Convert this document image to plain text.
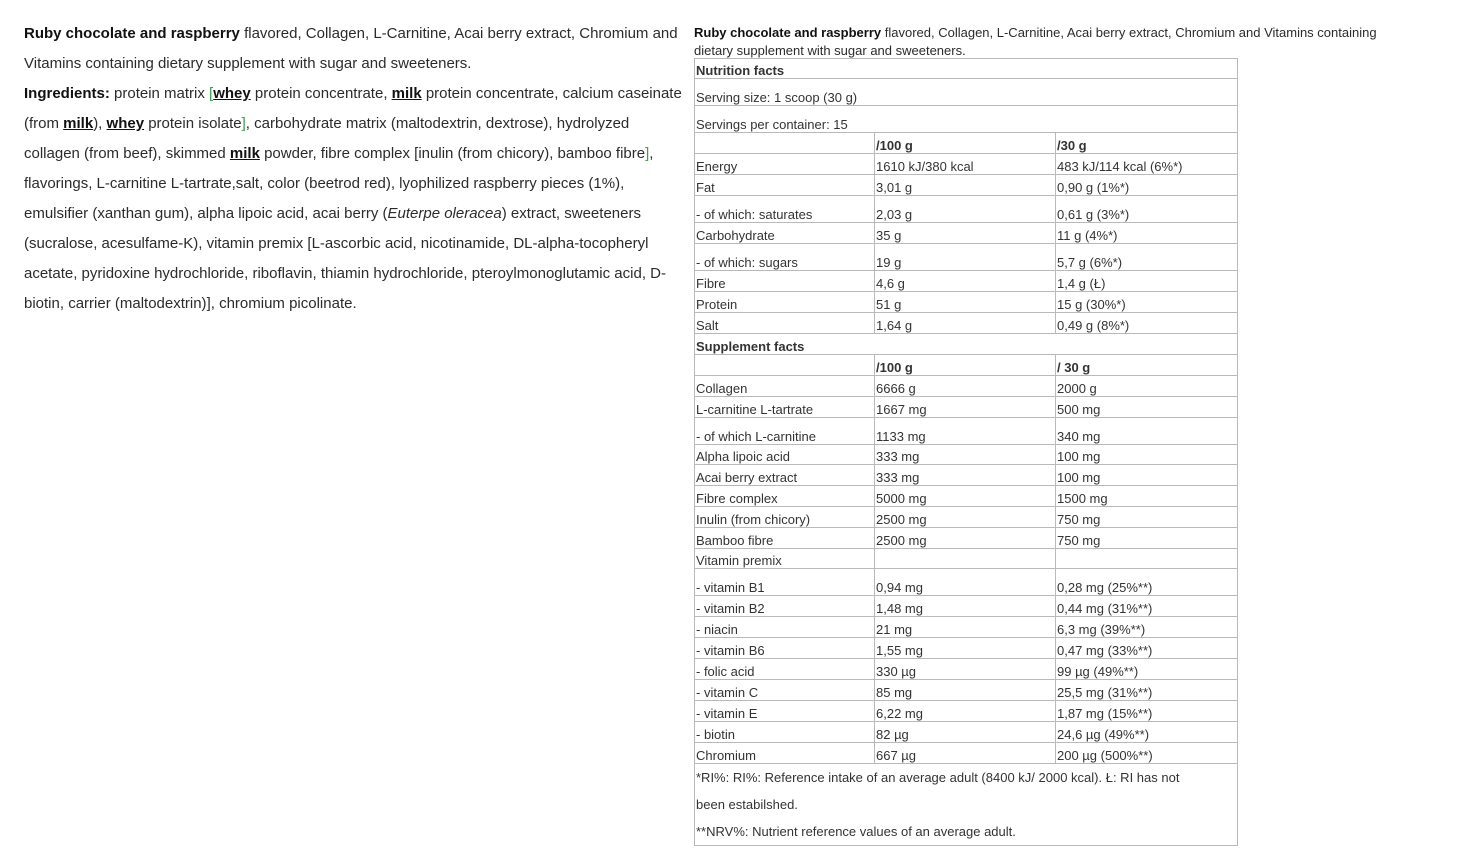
Ruby chocolate and raspberry flavored, Collagen, L-Carnitine, Acai berry extract, Chromium and Vitamins containing dietary supplement with sugar and sweeteners.

Ingredients: protein matrix [whey protein concentrate, milk protein concentrate, calcium caseinate (from milk), whey protein isolate], carbohydrate matrix (maltodextrin, dextrose), hydrolyzed collagen (from beef), skimmed milk powder, fibre complex [inulin (from chicory), bamboo fibre], flavorings, L-carnitine L-tartrate,salt, color (beetrod red), lyophilized raspberry pieces (1%), emulsifier (xanthan gum), alpha lipoic acid, acai berry (Euterpe oleracea) extract, sweeteners (sucralose, acesulfame-K), vitamin premix [L-ascorbic acid, nicotinamide, DL-alpha-tocopheryl acetate, pyridoxine hydrochloride, riboflavin, thiamin hydrochloride, pteroylmonoglutamic acid, D-biotin, carrier (maltodextrin)], chromium picolinate.

Ruby chocolate and raspberry flavored, Collagen, L-Carnitine, Acai berry extract, Chromium and Vitamins containing
dietary supplement with sugar and sweeteners.
Nutrition facts		
Serving size: 1 scoop (30 g)		
Servings per container: 15		
	/100 g	/30 g
Energy	1610 kJ/380 kcal	483 kJ/114 kcal (6%*)
Fat	3,01 g	0,90 g (1%*)
- of which: saturates	2,03 g	0,61 g (3%*)
Carbohydrate	35 g	11 g (4%*)
- of which: sugars	19 g	5,7 g (6%*)
Fibre	4,6 g	1,4 g (Ł)
Protein	51 g	15 g (30%*)
Salt	1,64 g	0,49 g (8%*)
Supplement facts		
	/100 g	/ 30 g
Collagen	6666 g	2000 g
L-carnitine L-tartrate	1667 mg	500 mg
- of which L-carnitine	1133 mg	340 mg
Alpha lipoic acid	333 mg	100 mg
Acai berry extract	333 mg	100 mg
Fibre complex	5000 mg	1500 mg
Inulin (from chicory)	2500 mg	750 mg
Bamboo fibre	2500 mg	750 mg
Vitamin premix		
- vitamin B1	0,94 mg	0,28 mg (25%**)
- vitamin B2	1,48 mg	0,44 mg (31%**)
- niacin	21 mg	6,3 mg (39%**)
- vitamin B6	1,55 mg	0,47 mg (33%**)
- folic acid	330 µg	99 µg (49%**)
- vitamin C	85 mg	25,5 mg (31%**)
- vitamin E	6,22 mg	1,87 mg (15%**)
- biotin	82 µg	24,6 µg (49%**)
Chromium	667 µg	200 µg (500%**)

*RI%: RI%: Reference intake of an average adult (8400 kJ/ 2000 kcal). Ł: RI has not
been estabilshed.
**NRV%: Nutrient reference values of an average adult.		
